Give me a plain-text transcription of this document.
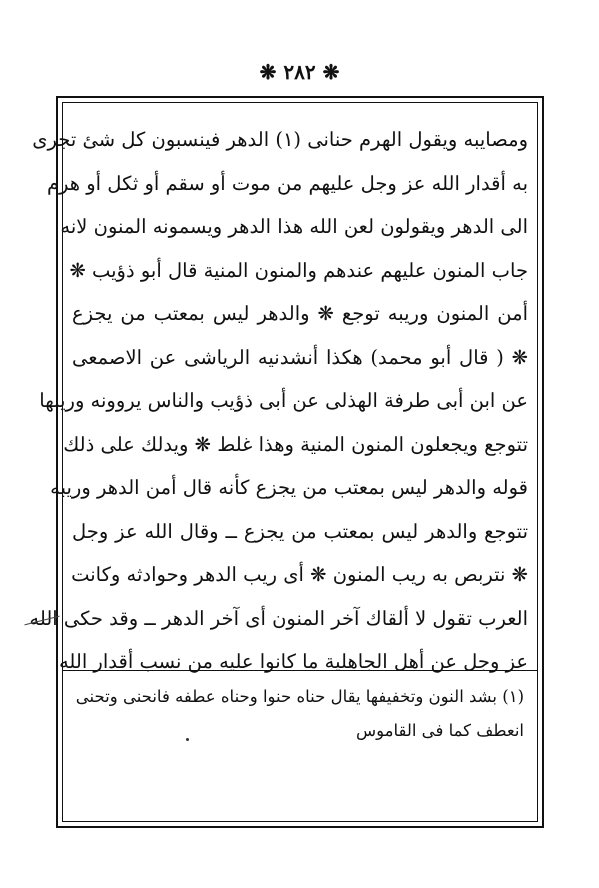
❋ ٢٨٢ ❋
ومصايبه ويقول الهرم حنانى (١) الدهر فينسبون كل شئ تجرى
به أقدار الله عز وجل عليهم من موت أو سقم أو ثكل أو هرم
الى الدهر ويقولون لعن الله هذا الدهر ويسمونه المنون لانه
جاب المنون عليهم عندهم والمنون المنية قال أبو ذؤيب ❋
أمن المنون وريبه توجع ❋ والدهر ليس بمعتب من يجزع
❋ ( قال أبو محمد) هكذا أنشدنيه الرياشى عن الاصمعى
عن ابن أبى طرفة الهذلى عن أبى ذؤيب والناس يروونه وريبها
تتوجع ويجعلون المنون المنية وهذا غلط ❋ ويدلك على ذلك
قوله والدهر ليس بمعتب من يجزع كأنه قال أمن الدهر وريبه
تتوجع والدهر ليس بمعتب من يجزع ــ وقال الله عز وجل
❋ نتربص به ريب المنون ❋ أى ريب الدهر وحوادثه وكانت
العرب تقول لا ألقاك آخر المنون أى آخر الدهر ــ وقد حكى الله
عز وجل عن أهل الجاهلية ما كانوا عليه من نسب أقدار الله
(١) بشد النون وتخفيفها يقال حناه حنوا وحناه عطفه فانحنى وتحنى
انعطف كما فى القاموس
